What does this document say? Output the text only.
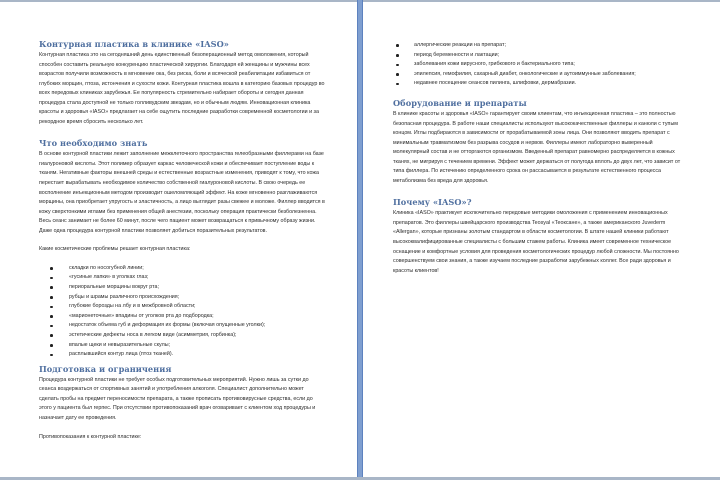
Контурная пластика в клинике «IASO»

Контурная пластика это на сегодняшний день единственный безоперационный метод омоложения, который способен составить реальную конкуренцию пластической хирургии. Благодаря ей женщины и мужчины всех возрастов получили возможность в мгновение ока, без риска, боли и всяческой реабилитации избавиться от глубоких морщин, птоза, истончения и сухости кожи. Контурная пластика вошла в категорию базовых процедур во всех передовых клиниках зарубежья. Ее популярность стремительно набирает обороты и сегодня данная процедура стала доступной не только голливудским звездам, но и обычным людям. Инновационная клиника красоты и здоровья «IASO» предлагает на себе ощутить последние разработки современной косметологии и за рекордное время сбросить несколько лет.

Что необходимо знать

В основе контурной пластики лежит заполнение межклеточного пространства гелеобразными филлерами на базе гиалуроновой кислоты. Этот полимер образует каркас человеческой кожи и обеспечивает поступление воды к тканям. Негативные факторы внешней среды и естественные возрастные изменения, приводят к тому, что кожа перестает вырабатывать необходимое количество собственной гиалуроновой кислоты. В свою очередь ее восполнение инъекционным методом производит ошеломляющий эффект. На коже мгновенно разглаживаются морщины, она приобретает упругость и эластичность, а лицо выглядит разы свежее и моложе. Филлер вводится в кожу сверхтонкими иглами без применения общей анестезии, поскольку операция практически безболезненна. Весь сеанс занимает не более 60 минут, после чего пациент может возвращаться к привычному образу жизни. Даже одна процедура контурной пластики позволяет добиться поразительных результатов.

Какие косметические проблемы решает контурная пластика:

складки по носогубной линии;
«гусиные лапки» в уголках глаз;
периоральные морщины вокруг рта;
рубцы и шрамы различного происхождения;
глубокие борозды на лбу и в межбровной области;
«марионеточные» впадины от уголков рта до подбородка;
недостаток объема губ и деформация их формы (включая опущенные уголки);
эстетические дефекты носа в легком виде (асимметрия, горбинка);
впалые щеки и невыразительные скулы;
расплывшийся контур лица (птоз тканей).
Подготовка и ограничения

Процедура контурной пластики не требует особых подготовительных мероприятий. Нужно лишь за сутки до сеанса воздержаться от спортивных занятий и употребления алкоголя. Специалист дополнительно может сделать пробы на предмет переносимости препарата, а также прописать противовирусные средства, если до этого у пациента был герпес. При отсутствии противопоказаний врач оговаривает с клиентом ход процедуры и назначает дату ее проведения.

Противопоказания к контурной пластике:

аллергические реакции на препарат;
период беременности и лактации;
заболевания кожи вирусного, грибкового и бактериального типа;
эпилепсия, гемофилия, сахарный диабет, онкологические и аутоиммунные заболевания;
недавнее посещение сеансов пилинга, шлифовки, дермабразии.
Оборудование и препараты

В клинике красоты и здоровья «IASO» гарантирует своим клиентам, что инъекционная пластика – это полностью безопасная процедура. В работе наши специалисты используют высококачественные филлеры и канюли с тупым концом. Иглы подбираются в зависимости от прорабатываемой зоны лица. Они позволяют вводить препарат с минимальным травматизмом без разрыва сосудов и нервов. Филлеры имеют лабораторно выверенный молекулярный состав и не отторгаются организмом. Введенный препарат равномерно распределяется в кожных тканях, не мигрируя с течением времени. Эффект может держаться от полугода вплоть до двух лет, что зависит от типа филлера. По истечению определенного срока он рассасывается в результате естественного процесса метаболизма без вреда для здоровья.

Почему «IASO»?

Клиника «IASO» практикует исключительно передовые методики омоложения с применением инновационных препаратов. Это филлеры швейцарского производства Teosyal «Теоксане», а также американского Juvederm «Allergan», которые признаны золотым стандартом в области косметологии. В штате нашей клиники работают высококвалифицированные специалисты с большим стажем работы. Клиника имеет современное техническое оснащение и комфортные условия для проведения косметологических процедур любой сложности. Мы постоянно совершенствуем свои знания, а также изучаем последние разработки зарубежных коллег. Все ради здоровья и красоты клиентов!
